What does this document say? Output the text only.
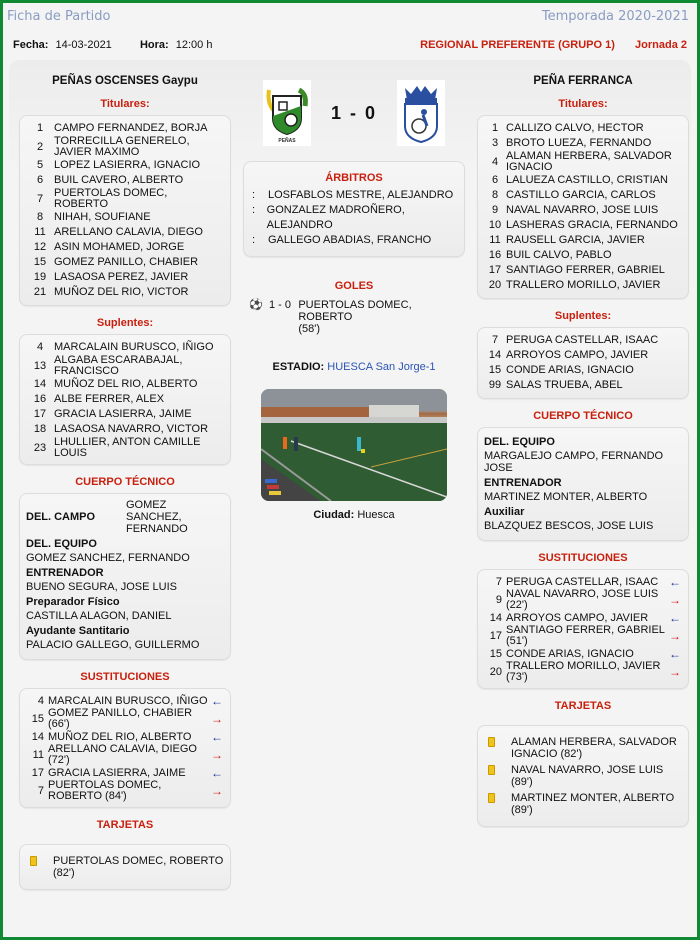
Ficha de Partido	Temporada 2020-2021
Fecha: 14-03-2021	Hora: 12:00 h	REGIONAL PREFERENTE (GRUPO 1) Jornada 2
PEÑAS OSCENSES Gaypu
Titulares:
1 CAMPO FERNANDEZ, BORJA
2 TORRECILLA GENERELO, JAVIER MAXIMO
5 LOPEZ LASIERRA, IGNACIO
6 BUIL CAVERO, ALBERTO
7 PUERTOLAS DOMEC, ROBERTO
8 NIHAH, SOUFIANE
11 ARELLANO CALAVIA, DIEGO
12 ASIN MOHAMED, JORGE
15 GOMEZ PANILLO, CHABIER
19 LASAOSA PEREZ, JAVIER
21 MUÑOZ DEL RIO, VICTOR
Suplentes:
4 MARCALAIN BURUSCO, IÑIGO
13 ALGABA ESCARABAJAL, FRANCISCO
14 MUÑOZ DEL RIO, ALBERTO
16 ALBE FERRER, ALEX
17 GRACIA LASIERRA, JAIME
18 LASAOSA NAVARRO, VICTOR
23 LHULLIER, ANTON CAMILLE LOUIS
CUERPO TÉCNICO
DEL. CAMPO
GOMEZ SANCHEZ, FERNANDO
DEL. EQUIPO
GOMEZ SANCHEZ, FERNANDO
ENTRENADOR
BUENO SEGURA, JOSE LUIS
Preparador Físico
CASTILLA ALAGON, DANIEL
Ayudante Santitario
PALACIO GALLEGO, GUILLERMO
SUSTITUCIONES
4 MARCALAIN BURUSCO, IÑIGO ←
15 GOMEZ PANILLO, CHABIER (66')	→
14 MUÑOZ DEL RIO, ALBERTO	←
11 ARELLANO CALAVIA, DIEGO (72')	→
17 GRACIA LASIERRA, JAIME	←
7 PUERTOLAS DOMEC, ROBERTO (84')	→
TARJETAS
PUERTOLAS DOMEC, ROBERTO (82')
PEÑAS
1 - 0
ÁRBITROS
:	LOSFABLOS MESTRE, ALEJANDRO
:	GONZALEZ MADROÑERO, ALEJANDRO
:	GALLEGO ABADIAS, FRANCHO
GOLES
⚽ 1 - 0 PUERTOLAS DOMEC, ROBERTO
(58')
ESTADIO: HUESCA San Jorge-1
Ciudad: Huesca
PEÑA FERRANCA
Titulares:
1 CALLIZO CALVO, HECTOR
3 BROTO LUEZA, FERNANDO
4 ALAMAN HERBERA, SALVADOR IGNACIO
6 LALUEZA CASTILLO, CRISTIAN
8 CASTILLO GARCIA, CARLOS
9 NAVAL NAVARRO, JOSE LUIS
10 LASHERAS GRACIA, FERNANDO
11 RAUSELL GARCIA, JAVIER
16 BUIL CALVO, PABLO
17 SANTIAGO FERRER, GABRIEL
20 TRALLERO MORILLO, JAVIER
Suplentes:
7 PERUGA CASTELLAR, ISAAC
14 ARROYOS CAMPO, JAVIER
15 CONDE ARIAS, IGNACIO
99 SALAS TRUEBA, ABEL
CUERPO TÉCNICO
DEL. EQUIPO
MARGALEJO CAMPO, FERNANDO JOSE
ENTRENADOR
MARTINEZ MONTER, ALBERTO
Auxiliar
BLAZQUEZ BESCOS, JOSE LUIS
SUSTITUCIONES
7 PERUGA CASTELLAR, ISAAC ←
9 NAVAL NAVARRO, JOSE LUIS (22')	→
14 ARROYOS CAMPO, JAVIER	←
17 SANTIAGO FERRER, GABRIEL (51')	→
15 CONDE ARIAS, IGNACIO	←
20 TRALLERO MORILLO, JAVIER (73')	→
TARJETAS
ALAMAN HERBERA, SALVADOR IGNACIO (82')
NAVAL NAVARRO, JOSE LUIS (89')
MARTINEZ MONTER, ALBERTO (89')
